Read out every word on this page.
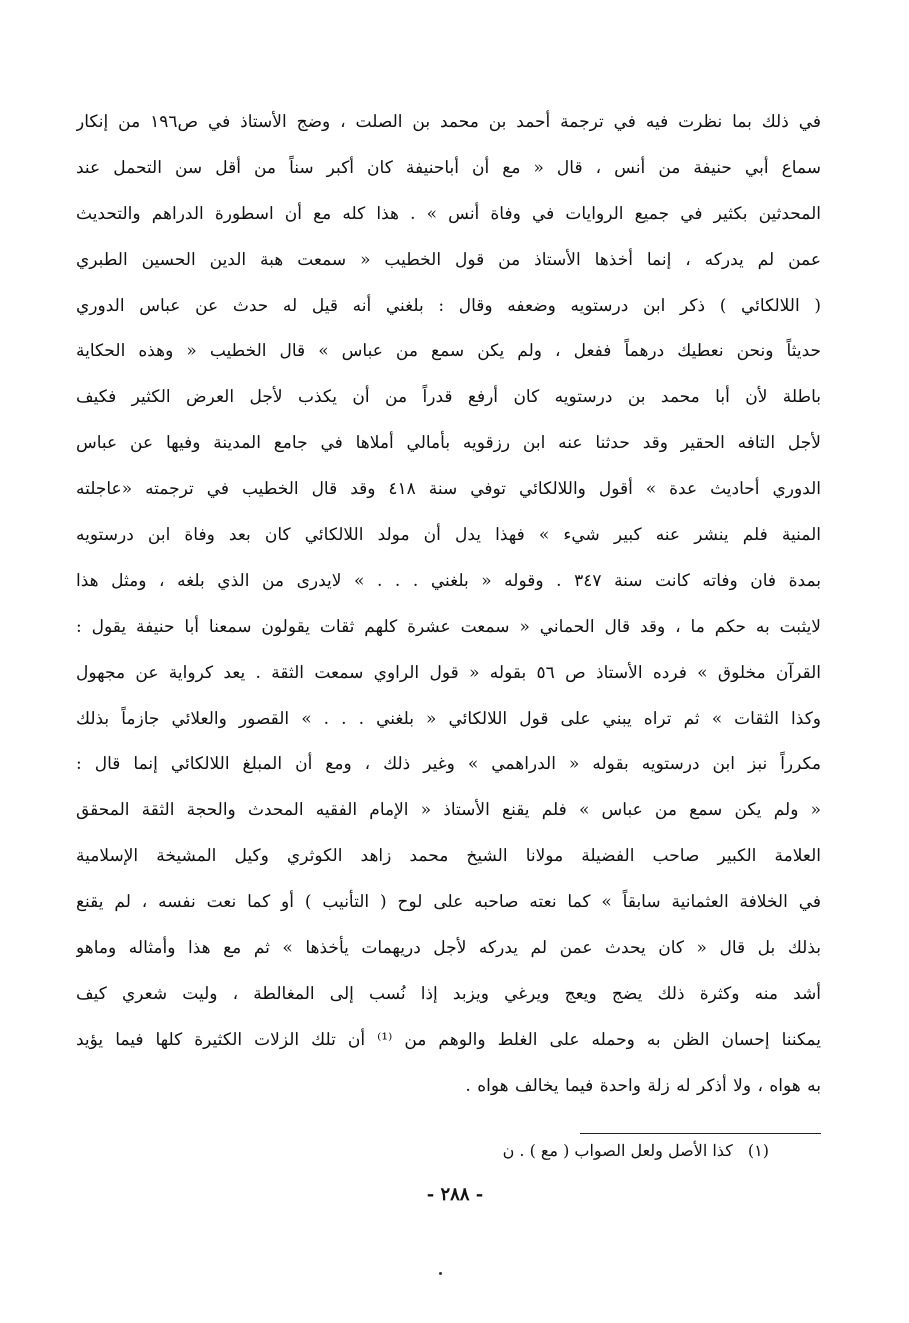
في ذلك بما نظرت فيه في ترجمة أحمد بن محمد بن الصلت ، وضج الأستاذ في ص١٩٦ من إنكار
سماع أبي حنيفة من أنس ، قال « مع أن أباحنيفة كان أكبر سناً من أقل سن التحمل عند
المحدثين بكثير في جميع الروايات في وفاة أنس » . هذا كله مع أن اسطورة الدراهم والتحديث
عمن لم يدركه ، إنما أخذها الأستاذ من قول الخطيب « سمعت هبة الدين الحسين الطبري
( اللالكائي ) ذكر ابن درستويه وضعفه وقال : بلغني أنه قيل له حدث عن عباس الدوري
حديثاً ونحن نعطيك درهماً ففعل ، ولم يكن سمع من عباس » قال الخطيب « وهذه الحكاية
باطلة لأن أبا محمد بن درستويه كان أرفع قدراً من أن يكذب لأجل العرض الكثير فكيف
لأجل التافه الحقير وقد حدثنا عنه ابن رزقويه بأمالي أملاها في جامع المدينة وفيها عن عباس
الدوري أحاديث عدة » أقول واللالكائي توفي سنة ٤١٨ وقد قال الخطيب في ترجمته «عاجلته
المنية فلم ينشر عنه كبير شيء » فهذا يدل أن مولد اللالكائي كان بعد وفاة ابن درستويه
بمدة فان وفاته كانت سنة ٣٤٧ . وقوله « بلغني . . . » لايدرى من الذي بلغه ، ومثل هذا
لايثبت به حكم ما ، وقد قال الحماني « سمعت عشرة كلهم ثقات يقولون سمعنا أبا حنيفة يقول :
القرآن مخلوق » فرده الأستاذ ص ٥٦ بقوله « قول الراوي سمعت الثقة . يعد كرواية عن مجهول
وكذا الثقات » ثم تراه يبني على قول اللالكائي « بلغني . . . » القصور والعلائي جازماً بذلك
مكرراً نبز ابن درستويه بقوله « الدراهمي » وغير ذلك ، ومع أن المبلغ اللالكائي إنما قال :
« ولم يكن سمع من عباس » فلم يقنع الأستاذ « الإمام الفقيه المحدث والحجة الثقة المحقق
العلامة الكبير صاحب الفضيلة مولانا الشيخ محمد زاهد الكوثري وكيل المشيخة الإسلامية
في الخلافة العثمانية سابقاً » كما نعته صاحبه على لوح ( التأنيب ) أو كما نعت نفسه ، لم يقنع
بذلك بل قال « كان يحدث عمن لم يدركه لأجل دريهمات يأخذها » ثم مع هذا وأمثاله وماهو
أشد منه وكثرة ذلك يضج ويعج ويرغي ويزبد إذا نُسب إلى المغالطة ، وليت شعري كيف
يمكننا إحسان الظن به وحمله على الغلط والوهم من ⁽¹⁾ أن تلك الزلات الكثيرة كلها فيما يؤيد
به هواه ، ولا أذكر له زلة واحدة فيما يخالف هواه .
(١) كذا الأصل ولعل الصواب ( مع ) . ن
- ٢٨٨ -
